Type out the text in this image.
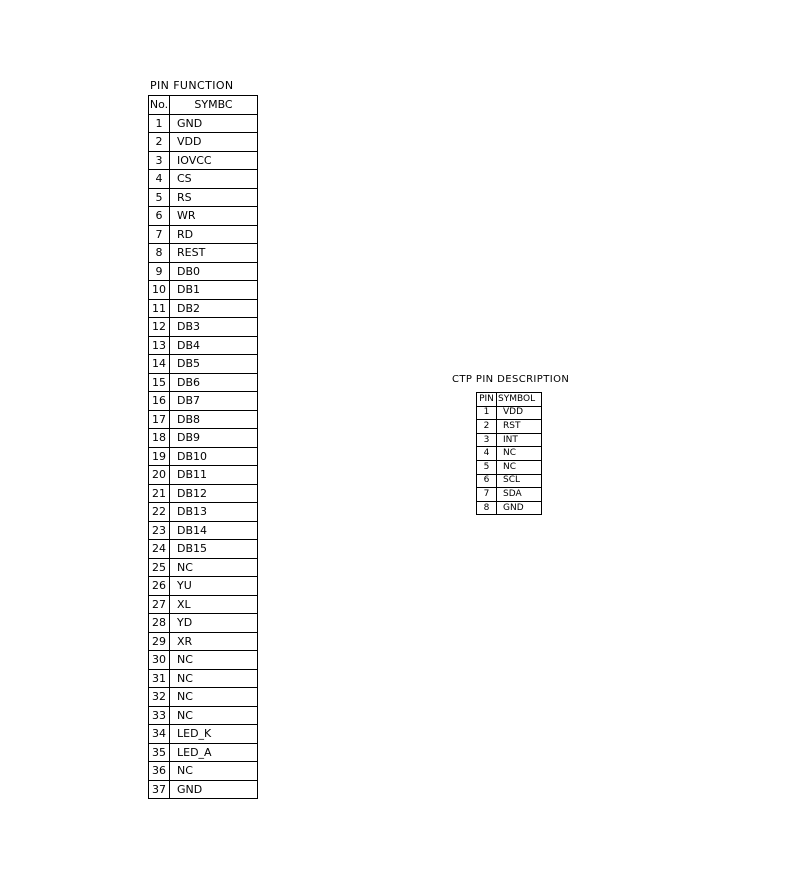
PIN FUNCTION
No.	SYMBC
1	GND
2	VDD
3	IOVCC
4	CS
5	RS
6	WR
7	RD
8	REST
9	DB0
10	DB1
11	DB2
12	DB3
13	DB4
14	DB5
15	DB6
16	DB7
17	DB8
18	DB9
19	DB10
20	DB11
21	DB12
22	DB13
23	DB14
24	DB15
25	NC
26	YU
27	XL
28	YD
29	XR
30	NC
31	NC
32	NC
33	NC
34	LED_K
35	LED_A
36	NC
37	GND
CTP PIN DESCRIPTION
PIN	SYMBOL
1	VDD
2	RST
3	INT
4	NC
5	NC
6	SCL
7	SDA
8	GND
